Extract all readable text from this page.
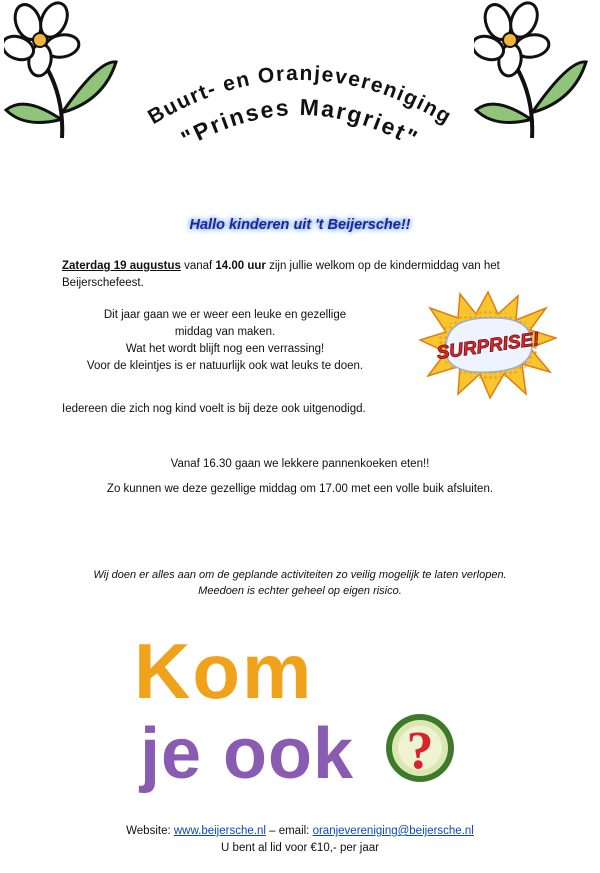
Buurt- en Oranjevereniging
"Prinses Margriet"
Hallo kinderen uit 't Beijersche!!
Zaterdag 19 augustus vanaf 14.00 uur zijn jullie welkom op de kindermiddag van het
Beijerschefeest.
Dit jaar gaan we er weer een leuke en gezellige
middag van maken.
Wat het wordt blijft nog een verrassing!
Voor de kleintjes is er natuurlijk ook wat leuks te doen.
SURPRISE!
Iedereen die zich nog kind voelt is bij deze ook uitgenodigd.
Vanaf 16.30 gaan we lekkere pannenkoeken eten!!
Zo kunnen we deze gezellige middag om 17.00 met een volle buik afsluiten.
Wij doen er alles aan om de geplande activiteiten zo veilig mogelijk te laten verlopen.
Meedoen is echter geheel op eigen risico.
Kom
je ook ?
Website: www.beijersche.nl – email: oranjevereniging@beijersche.nl
U bent al lid voor €10,- per jaar
